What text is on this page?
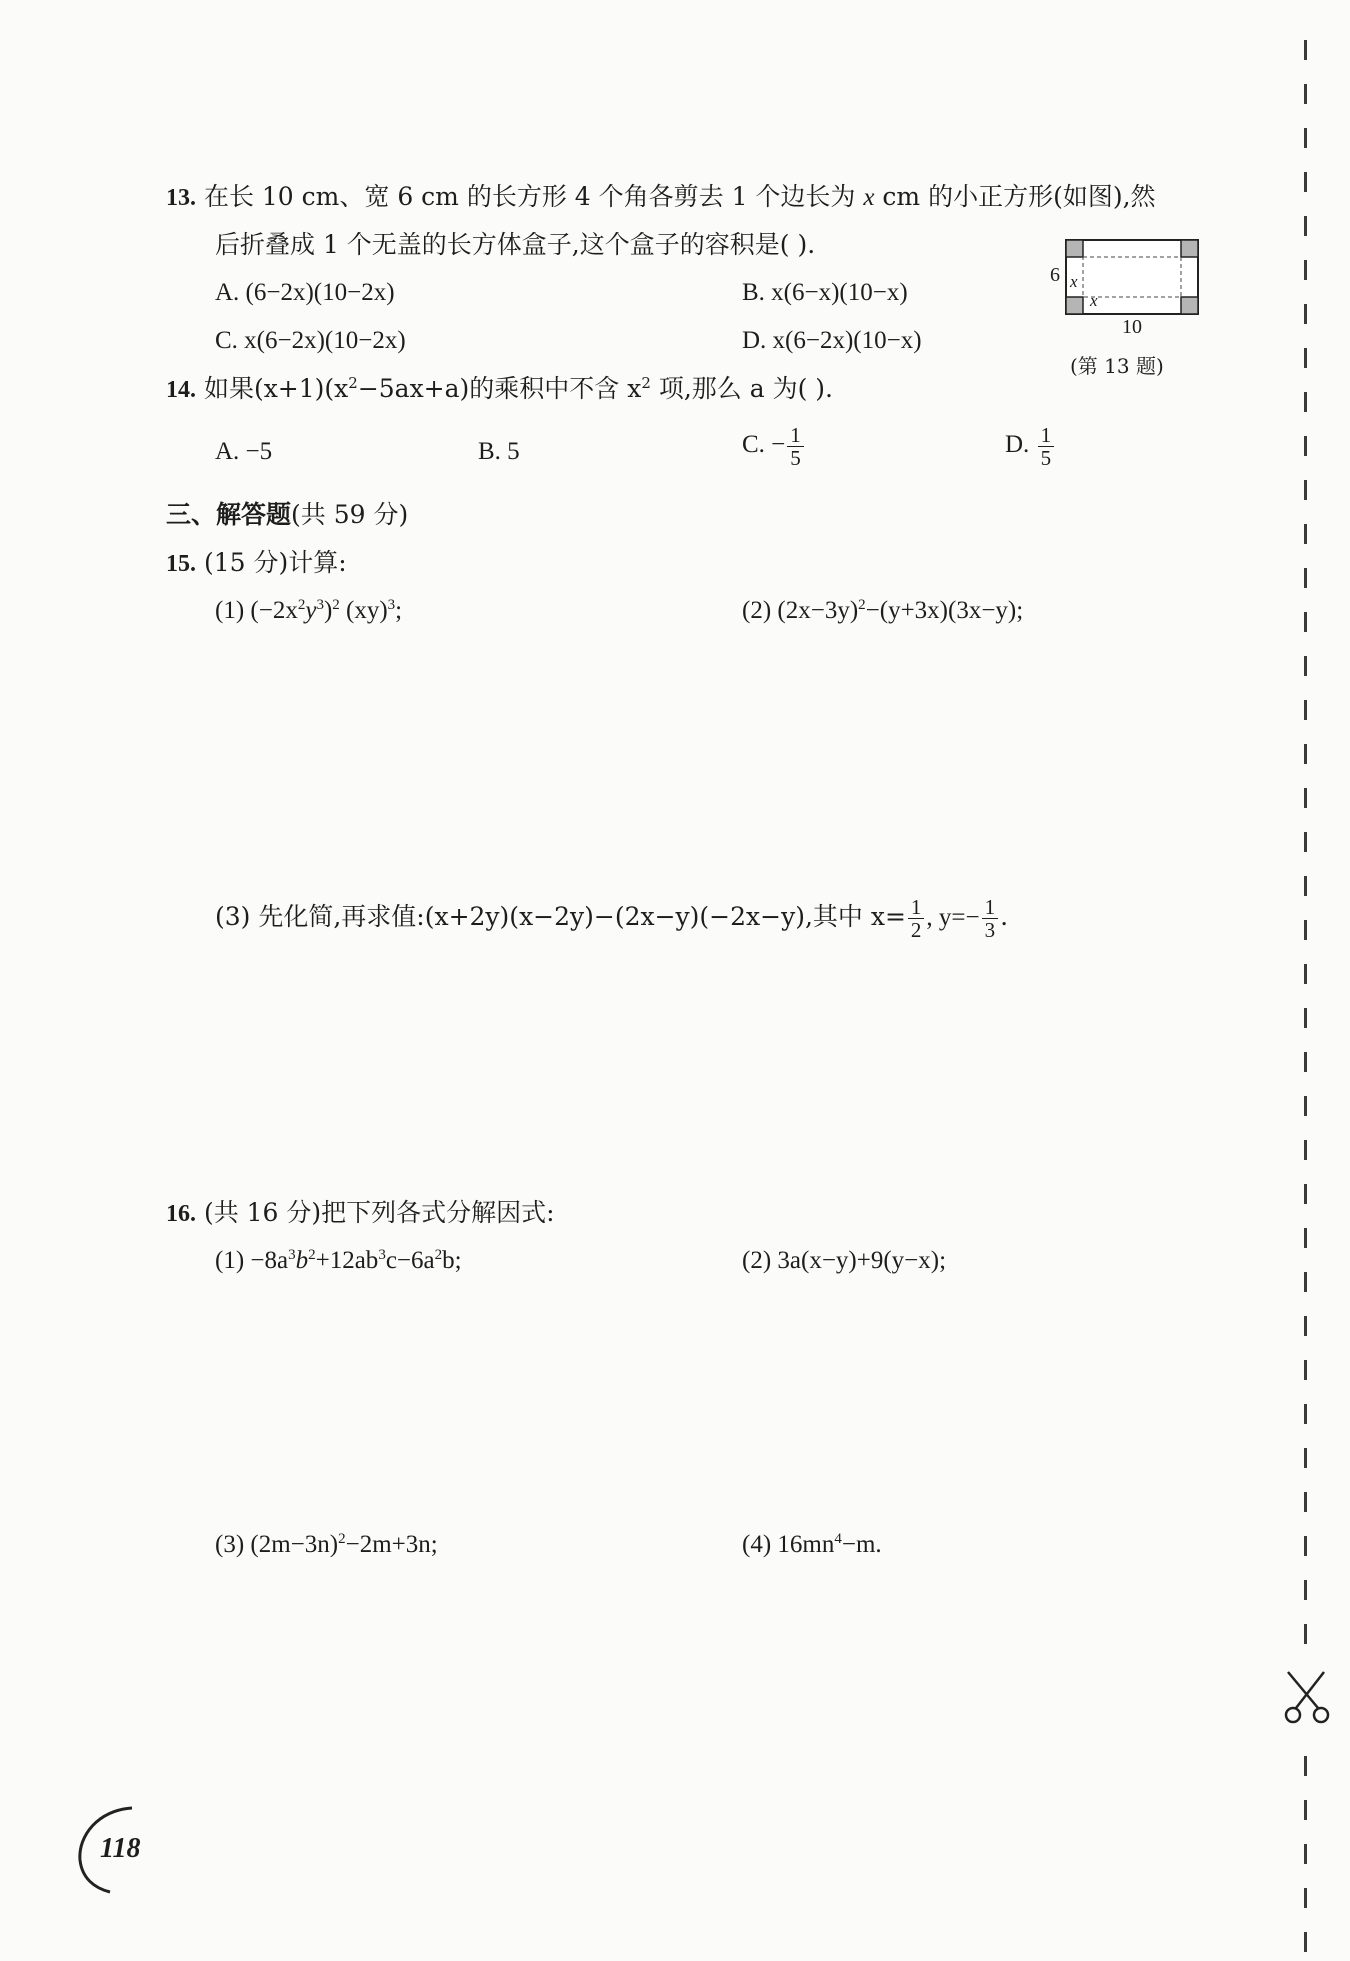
13. 在长 10 cm、宽 6 cm 的长方形 4 个角各剪去 1 个边长为 x cm 的小正方形(如图),然
后折叠成 1 个无盖的长方体盒子,这个盒子的容积是( ).
A. (6−2x)(10−2x)	B. x(6−x)(10−x)
C. x(6−2x)(10−2x)	D. x(6−2x)(10−x)
6 x
x
10
(第 13 题)
14. 如果$(x+1)(x^2-5ax+a)$的乘积中不含 $x^2$ 项,那么 a 为( ).
A. −5	B. 5	C. − $\frac{1}{5}$	D. $\frac{1}{5}$
三、解答题(共 59 分)
15. (15 分)计算:
(1) $(-2x^2y^3)^2$ (xy)$^3$;	(2) $(2x-3y)^2-(y+3x)(3x-y)$;
(3) 先化简,再求值:(x+2y)(x−2y)−(2x−y)(−2x−y),其中 $x= \frac{1}{2}$ , $y=- \frac{1}{3}$ .
16. (共 16 分)把下列各式分解因式:
$(1) -8a^3b^2+12ab^3c-6a^2b$;	(2) 3a(x−y)+9(y−x);
(3) $(2m-3n)^2-2m+3n$;	(4) $16mn^4-m$.
118
